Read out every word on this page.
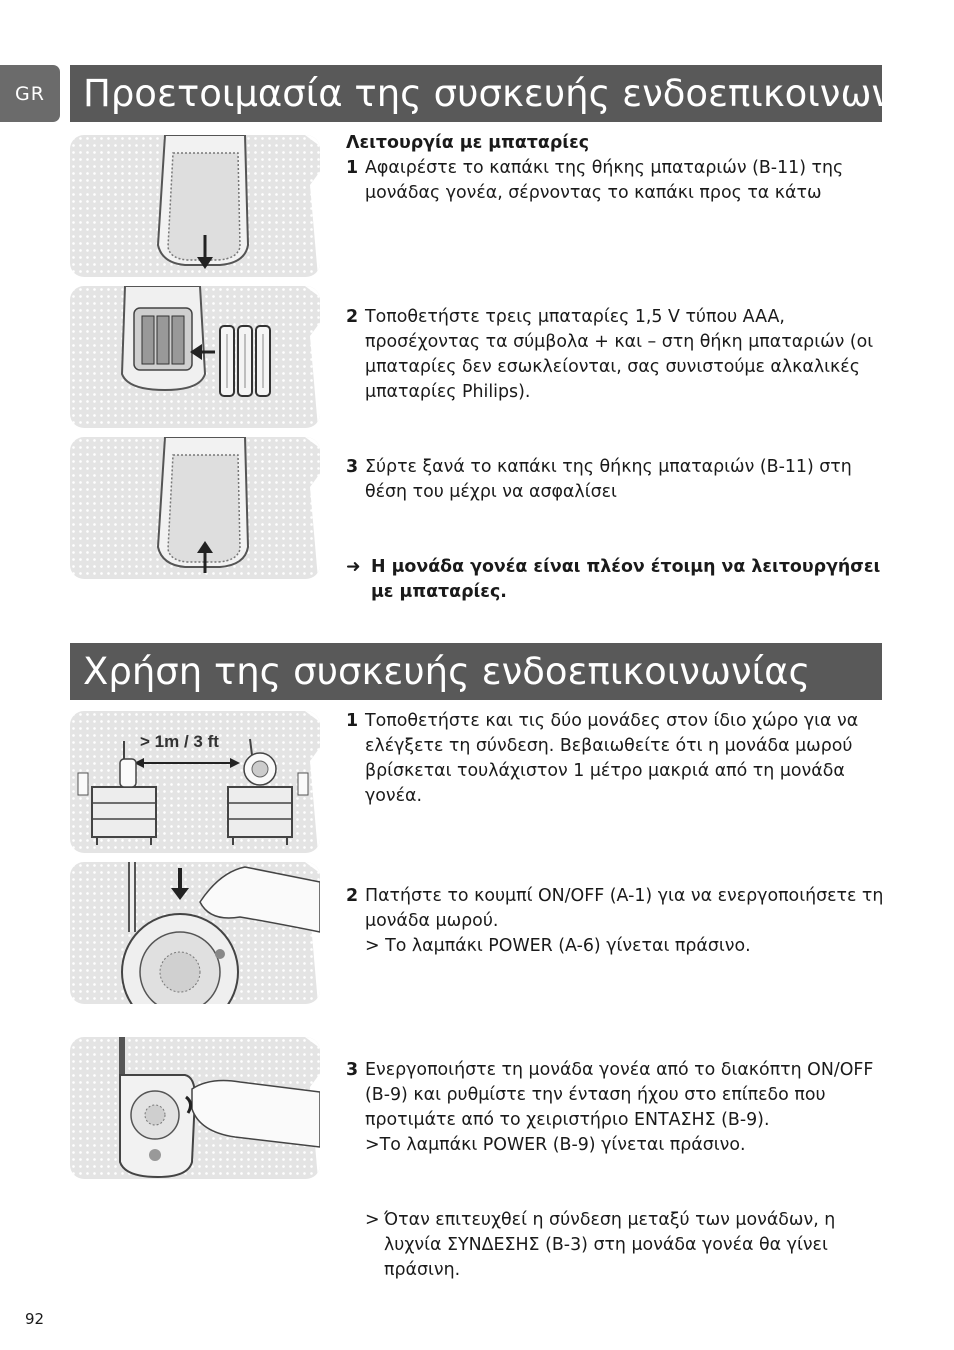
GR	Προετοιμασία της συσκευής ενδοεπικοινωνίας
Λειτουργία με μπαταρίες
1 Αφαιρέστε το καπάκι της θήκης μπαταριών (B-11) της μονάδας γονέα, σέρνοντας το καπάκι προς τα κάτω
2 Τοποθετήστε τρεις μπαταρίες 1,5 V τύπου AAA, προσέχοντας τα σύμβολα + και – στη θήκη μπαταριών (οι μπαταρίες δεν εσωκλείονται, σας συνιστούμε αλκαλικές μπαταρίες Philips).
3 Σύρτε ξανά το καπάκι της θήκης μπαταριών (B-11) στη θέση του μέχρι να ασφαλίσει
➜ Η μονάδα γονέα είναι πλέον έτοιμη να λειτουργήσει με μπαταρίες.
Χρήση της συσκευής ενδοεπικοινωνίας
> 1m / 3 ft
1 Τοποθετήστε και τις δύο μονάδες στον ίδιο χώρο για να ελέγξετε τη σύνδεση. Βεβαιωθείτε ότι η μονάδα μωρού βρίσκεται τουλάχιστον 1 μέτρο μακριά από τη μονάδα γονέα.
2 Πατήστε το κουμπί ON/OFF (A-1) για να ενεργοποιήσετε τη μονάδα μωρού.
> Το λαμπάκι POWER (A-6) γίνεται πράσινο.
3 Ενεργοποιήστε τη μονάδα γονέα από το διακόπτη ON/OFF (B-9) και ρυθμίστε την ένταση ήχου στο επίπεδο που προτιμάτε από το χειριστήριο ΕΝΤΑΣΗΣ (B-9).
>Το λαμπάκι POWER (B-9) γίνεται πράσινο.
> Όταν επιτευχθεί η σύνδεση μεταξύ των μονάδων, η λυχνία ΣΥΝΔΕΣΗΣ (B-3) στη μονάδα γονέα θα γίνει πράσινη.
92
